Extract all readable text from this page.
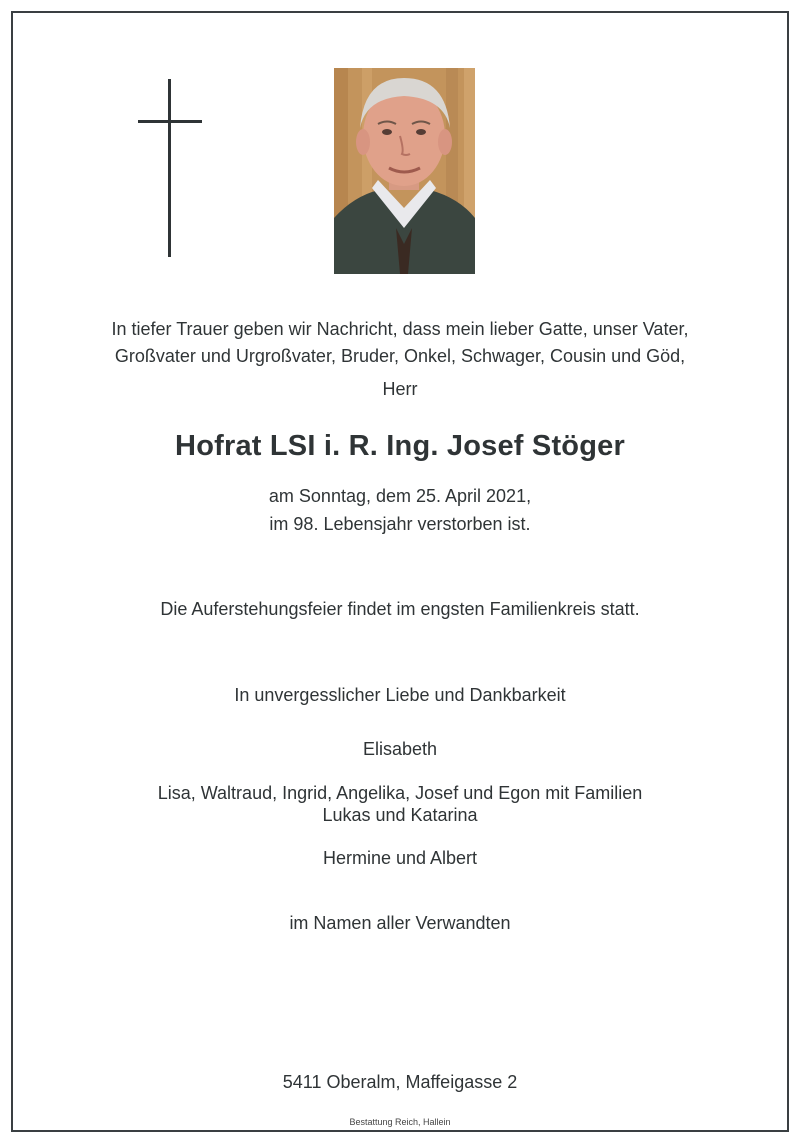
In tiefer Trauer geben wir Nachricht, dass mein lieber Gatte, unser Vater,
Großvater und Urgroßvater, Bruder, Onkel, Schwager, Cousin und Göd,
Herr
Hofrat LSI i. R. Ing. Josef Stöger
am Sonntag, dem 25. April 2021,
im 98. Lebensjahr verstorben ist.
Die Auferstehungsfeier findet im engsten Familienkreis statt.
In unvergesslicher Liebe und Dankbarkeit
Elisabeth
Lisa, Waltraud, Ingrid, Angelika, Josef und Egon mit Familien
Lukas und Katarina
Hermine und Albert
im Namen aller Verwandten
5411 Oberalm, Maffeigasse 2
Bestattung Reich, Hallein
